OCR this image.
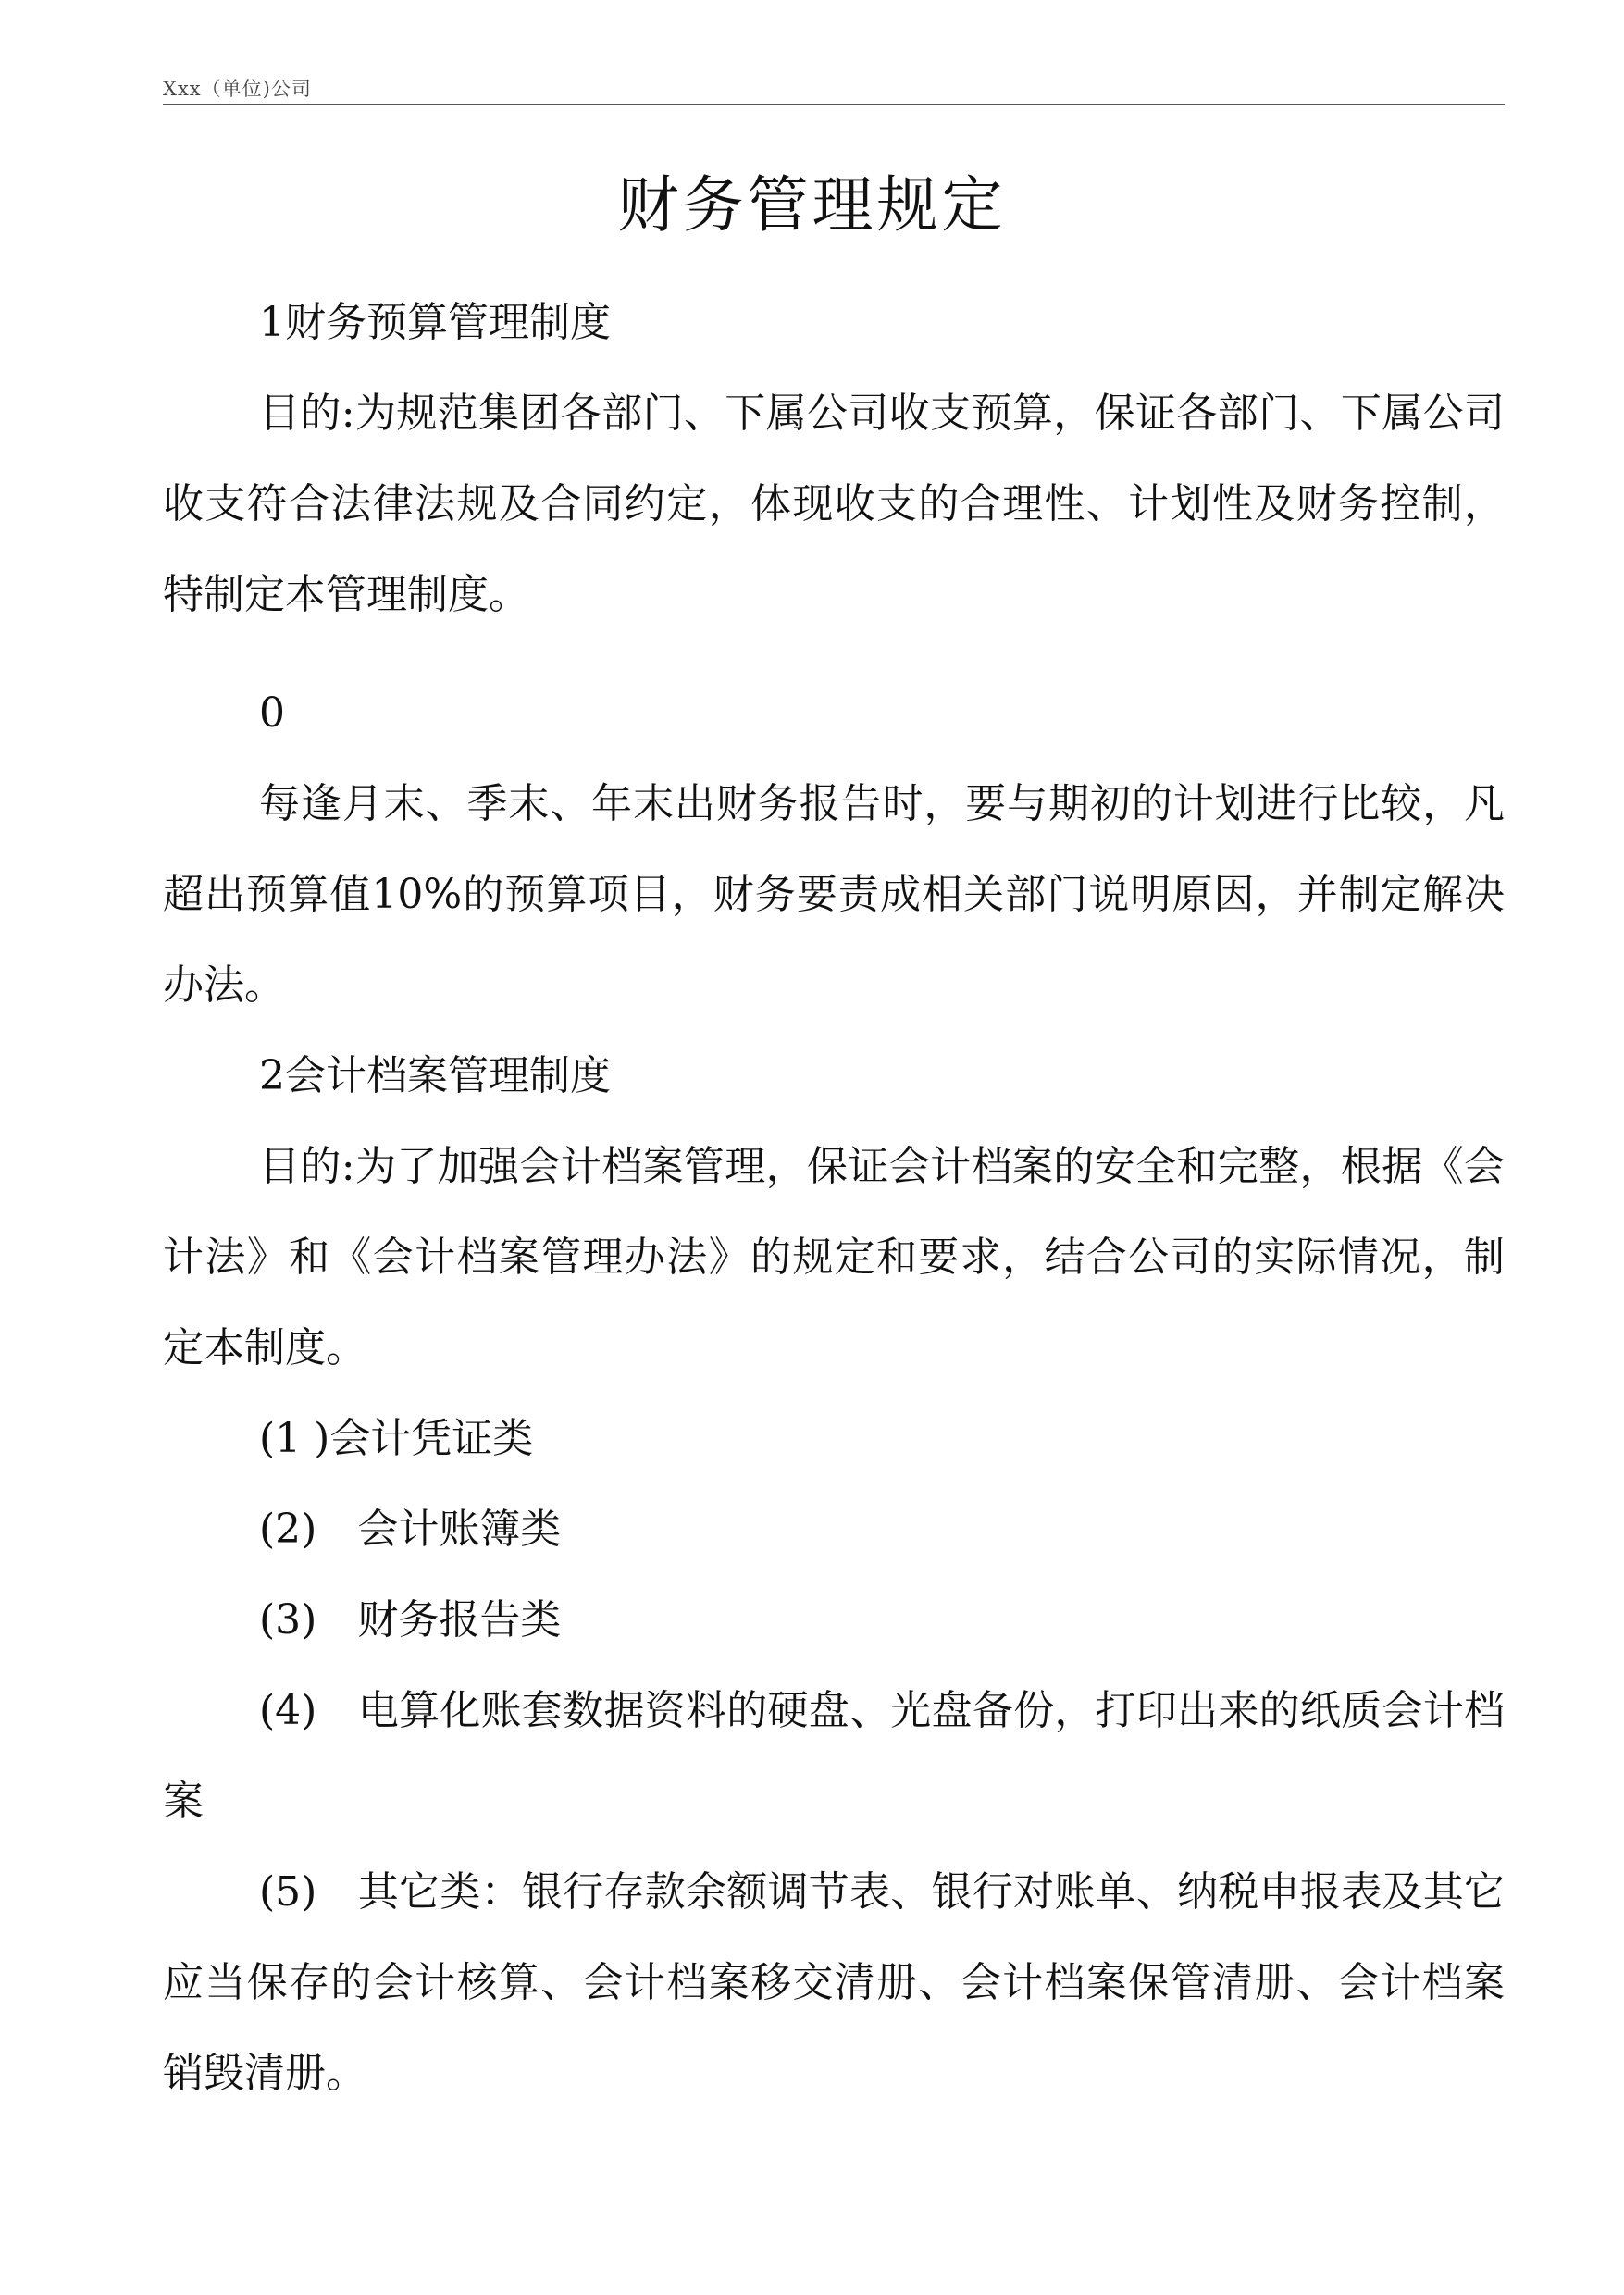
Xxx（单位)公司
财务管理规定

1财务预算管理制度

目的:为规范集团各部门、下属公司收支预算，保证各部门、下属公司收支符合法律法规及合同约定，体现收支的合理性、计划性及财务控制，特制定本管理制度。

0

每逢月末、季末、年末出财务报告时，要与期初的计划进行比较，凡超出预算值10%的预算项目，财务要责成相关部门说明原因，并制定解决办法。

2会计档案管理制度

目的:为了加强会计档案管理，保证会计档案的安全和完整，根据《会计法》和《会计档案管理办法》的规定和要求，结合公司的实际情况，制定本制度。

(1 )会计凭证类

(2)　会计账簿类

(3)　财务报告类

(4)　电算化账套数据资料的硬盘、光盘备份，打印出来的纸质会计档案

(5)　其它类：银行存款余额调节表、银行对账单、纳税申报表及其它应当保存的会计核算、会计档案移交清册、会计档案保管清册、会计档案销毁清册。
